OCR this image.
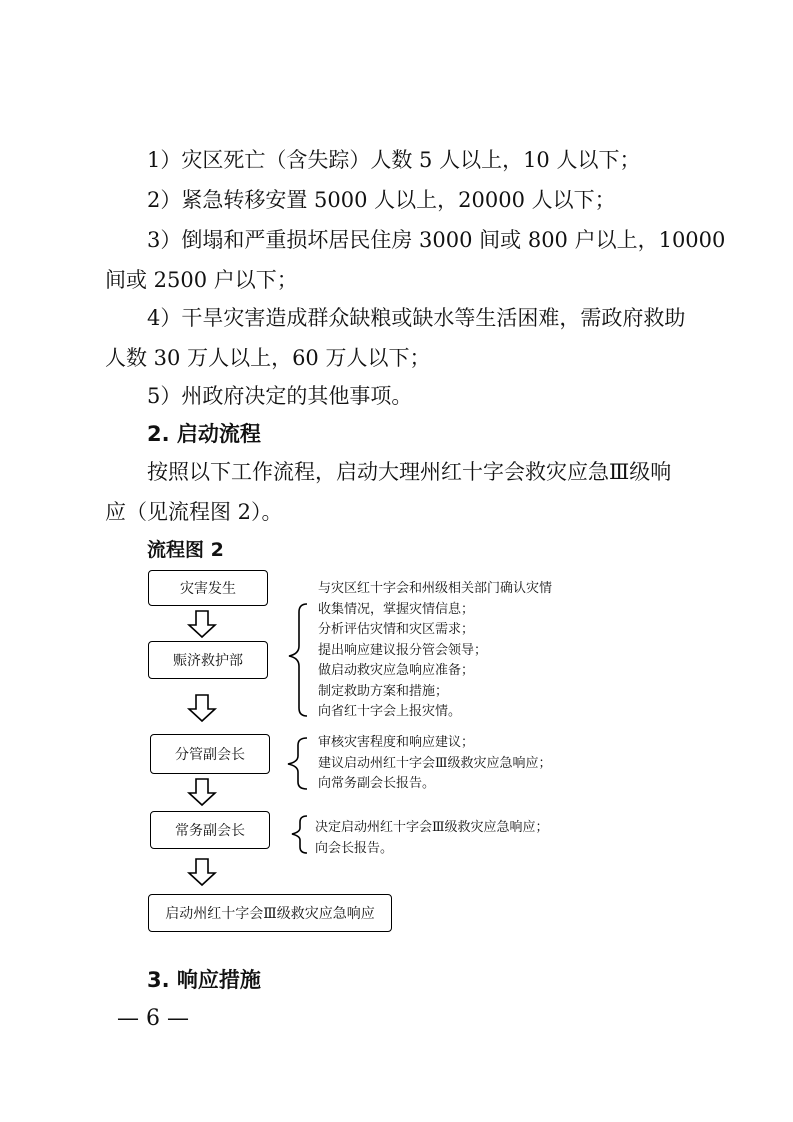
1）灾区死亡（含失踪）人数 5 人以上，10 人以下；
2）紧急转移安置 5000 人以上，20000 人以下；
3）倒塌和严重损坏居民住房 3000 间或 800 户以上，10000
间或 2500 户以下；
4）干旱灾害造成群众缺粮或缺水等生活困难，需政府救助
人数 30 万人以上，60 万人以下；
5）州政府决定的其他事项。
2. 启动流程
按照以下工作流程，启动大理州红十字会救灾应急Ⅲ级响
应（见流程图 2）。
流程图 2
灾害发生
赈济救护部
分管副会长
常务副会长
启动州红十字会Ⅲ级救灾应急响应
与灾区红十字会和州级相关部门确认灾情
收集情况，掌握灾情信息；
分析评估灾情和灾区需求；
提出响应建议报分管会领导；
做启动救灾应急响应准备；
制定救助方案和措施；
向省红十字会上报灾情。
审核灾害程度和响应建议；
建议启动州红十字会Ⅲ级救灾应急响应；
向常务副会长报告。
决定启动州红十字会Ⅲ级救灾应急响应；
向会长报告。
3. 响应措施
— 6 —
